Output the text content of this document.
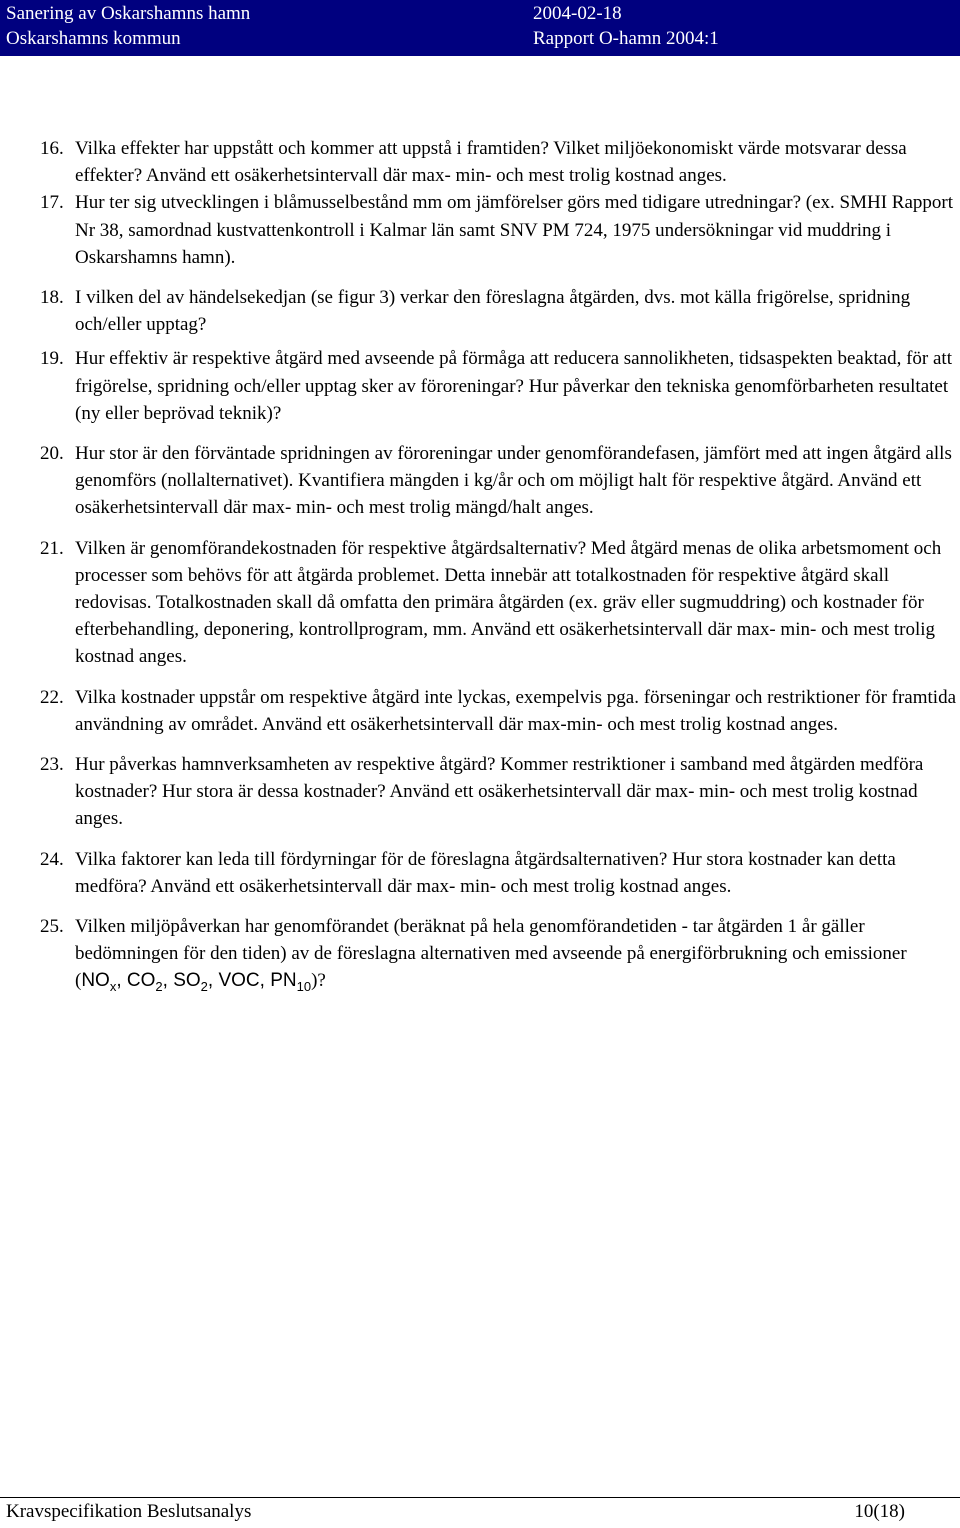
Sanering av Oskarshamns hamn	2004-02-18
Oskarshamns kommun	Rapport O-hamn 2004:1
16. Vilka effekter har uppstått och kommer att uppstå i framtiden? Vilket miljöekonomiskt värde motsvarar dessa effekter? Använd ett osäkerhetsintervall där max- min- och mest trolig kostnad anges.
17. Hur ter sig utvecklingen i blåmusselbestånd mm om jämförelser görs med tidigare utredningar? (ex. SMHI Rapport Nr 38, samordnad kustvattenkontroll i Kalmar län samt SNV PM 724, 1975 undersökningar vid muddring i Oskarshamns hamn).
18. I vilken del av händelsekedjan (se figur 3) verkar den föreslagna åtgärden, dvs. mot källa frigörelse, spridning och/eller upptag?
19. Hur effektiv är respektive åtgärd med avseende på förmåga att reducera sannolikheten, tidsaspekten beaktad, för att frigörelse, spridning och/eller upptag sker av föroreningar? Hur påverkar den tekniska genomförbarheten resultatet (ny eller beprövad teknik)?
20. Hur stor är den förväntade spridningen av föroreningar under genomförandefasen, jämfört med att ingen åtgärd alls genomförs (nollalternativet). Kvantifiera mängden i kg/år och om möjligt halt för respektive åtgärd. Använd ett osäkerhetsintervall där max- min- och mest trolig mängd/halt anges.
21. Vilken är genomförandekostnaden för respektive åtgärdsalternativ? Med åtgärd menas de olika arbetsmoment och processer som behövs för att åtgärda problemet. Detta innebär att totalkostnaden för respektive åtgärd skall redovisas. Totalkostnaden skall då omfatta den primära åtgärden (ex. gräv eller sugmuddring) och kostnader för efterbehandling, deponering, kontrollprogram, mm. Använd ett osäkerhetsintervall där max- min- och mest trolig kostnad anges.
22. Vilka kostnader uppstår om respektive åtgärd inte lyckas, exempelvis pga. förseningar och restriktioner för framtida användning av området. Använd ett osäkerhetsintervall där max-min- och mest trolig kostnad anges.
23. Hur påverkas hamnverksamheten av respektive åtgärd? Kommer restriktioner i samband med åtgärden medföra kostnader? Hur stora är dessa kostnader? Använd ett osäkerhetsintervall där max- min- och mest trolig kostnad anges.
24. Vilka faktorer kan leda till fördyrningar för de föreslagna åtgärdsalternativen? Hur stora kostnader kan detta medföra? Använd ett osäkerhetsintervall där max- min- och mest trolig kostnad anges.
25. Vilken miljöpåverkan har genomförandet (beräknat på hela genomförandetiden - tar åtgärden 1 år gäller bedömningen för den tiden) av de föreslagna alternativen med avseende på energiförbrukning och emissioner ($NO_x$, $CO_2$, $SO_2$, VOC, $PN_{10}$)?
Kravspecifikation Beslutsanalys	10(18)
